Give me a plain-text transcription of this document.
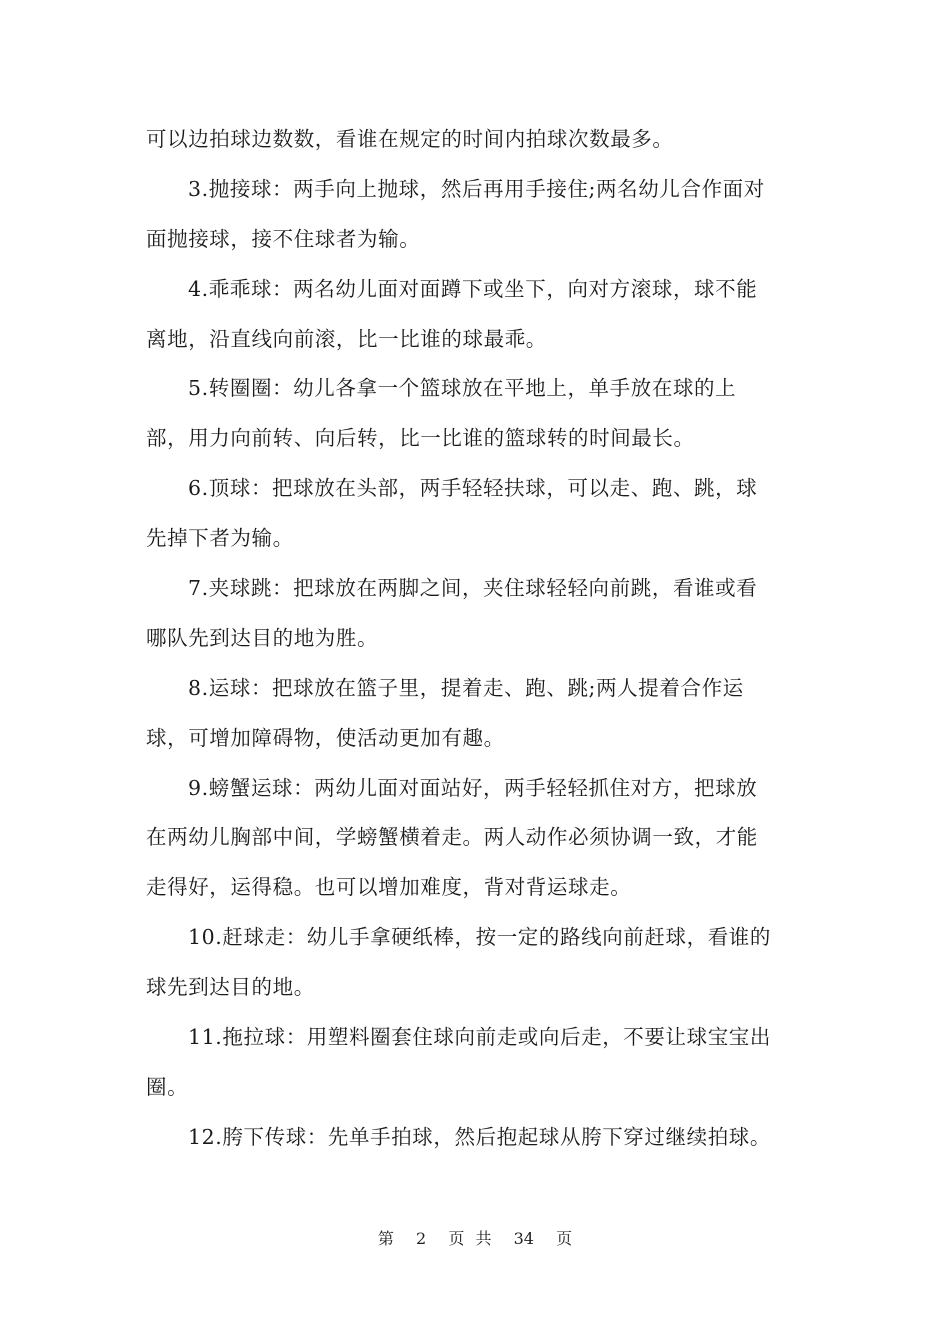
可以边拍球边数数，看谁在规定的时间内拍球次数最多。
3.抛接球：两手向上抛球，然后再用手接住;两名幼儿合作面对
面抛接球，接不住球者为输。
4.乖乖球：两名幼儿面对面蹲下或坐下，向对方滚球，球不能
离地，沿直线向前滚，比一比谁的球最乖。
5.转圈圈：幼儿各拿一个篮球放在平地上，单手放在球的上
部，用力向前转、向后转，比一比谁的篮球转的时间最长。
6.顶球：把球放在头部，两手轻轻扶球，可以走、跑、跳，球
先掉下者为输。
7.夹球跳：把球放在两脚之间，夹住球轻轻向前跳，看谁或看
哪队先到达目的地为胜。
8.运球：把球放在篮子里，提着走、跑、跳;两人提着合作运
球，可增加障碍物，使活动更加有趣。
9.螃蟹运球：两幼儿面对面站好，两手轻轻抓住对方，把球放
在两幼儿胸部中间，学螃蟹横着走。两人动作必须协调一致，才能
走得好，运得稳。也可以增加难度，背对背运球走。
10.赶球走：幼儿手拿硬纸棒，按一定的路线向前赶球，看谁的
球先到达目的地。
11.拖拉球：用塑料圈套住球向前走或向后走，不要让球宝宝出
圈。
12.胯下传球：先单手拍球，然后抱起球从胯下穿过继续拍球。
第  2  页 共  34  页
